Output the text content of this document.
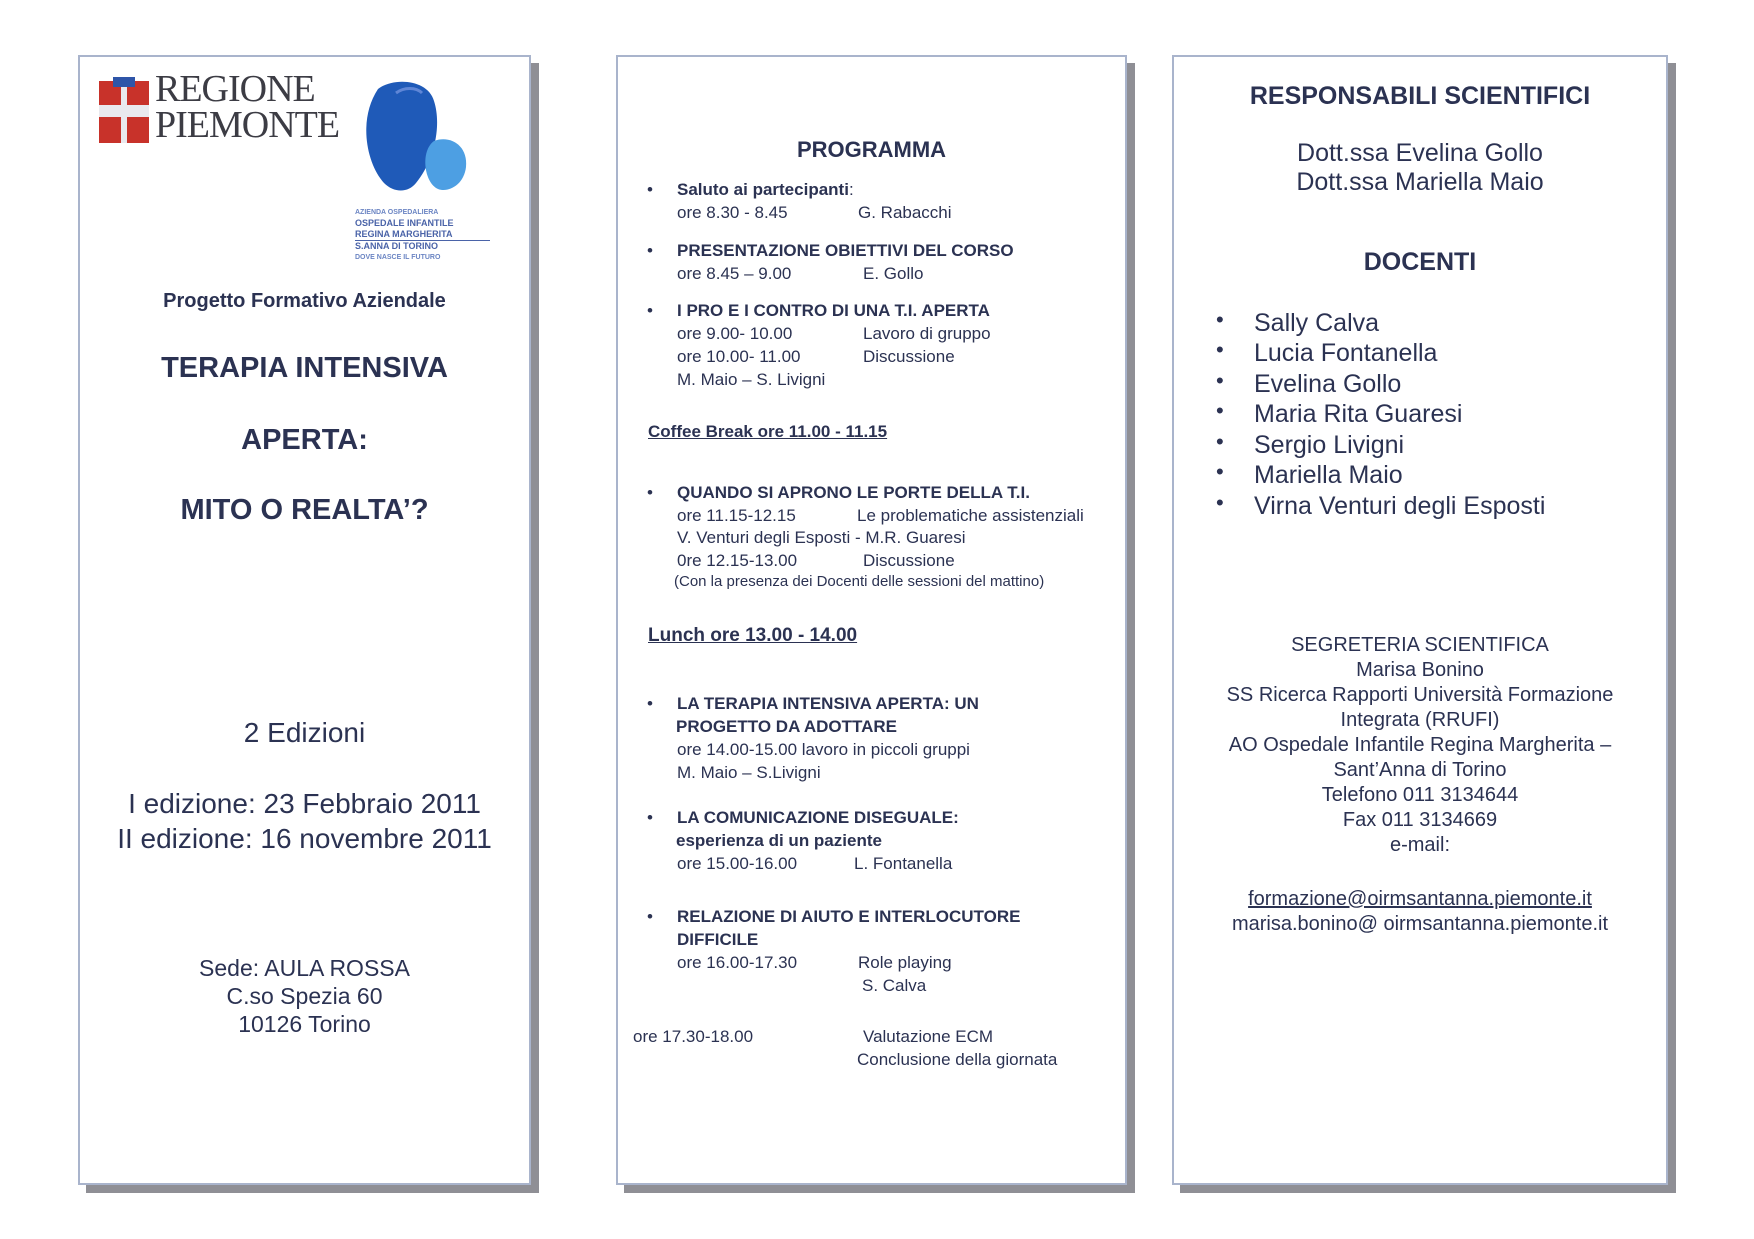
REGIONE
PIEMONTE
AZIENDA OSPEDALIERA
OSPEDALE INFANTILE
REGINA MARGHERITA
S.ANNA DI TORINO
DOVE NASCE IL FUTURO
Progetto Formativo Aziendale
TERAPIA INTENSIVA
APERTA:
MITO O REALTA’?
2 Edizioni
I edizione: 23 Febbraio 2011
II edizione: 16 novembre 2011
Sede: AULA ROSSA
C.so Spezia 60
10126 Torino
PROGRAMMA
• Saluto ai partecipanti:
ore 8.30 - 8.45	G. Rabacchi
• PRESENTAZIONE OBIETTIVI DEL CORSO
ore 8.45 – 9.00	E. Gollo
• I PRO E I CONTRO DI UNA T.I. APERTA
ore 9.00- 10.00	Lavoro di gruppo
ore 10.00- 11.00	Discussione
M. Maio – S. Livigni
Coffee Break ore 11.00 - 11.15
• QUANDO SI APRONO LE PORTE DELLA T.I.
ore 11.15-12.15	Le problematiche assistenziali
V. Venturi degli Esposti - M.R. Guaresi
0re 12.15-13.00	Discussione
(Con la presenza dei Docenti delle sessioni del mattino)
Lunch ore 13.00 - 14.00
• LA TERAPIA INTENSIVA APERTA: UN
PROGETTO DA ADOTTARE
ore 14.00-15.00 lavoro in piccoli gruppi
M. Maio – S.Livigni
• LA COMUNICAZIONE DISEGUALE:
esperienza di un paziente
ore 15.00-16.00	L. Fontanella
• RELAZIONE DI AIUTO E INTERLOCUTORE
DIFFICILE
ore 16.00-17.30	Role playing
S. Calva
ore 17.30-18.00	Valutazione ECM
Conclusione della giornata
RESPONSABILI SCIENTIFICI
Dott.ssa Evelina Gollo
Dott.ssa Mariella Maio
DOCENTI
• Sally Calva
• Lucia Fontanella
• Evelina Gollo
• Maria Rita Guaresi
• Sergio Livigni
• Mariella Maio
• Virna Venturi degli Esposti
SEGRETERIA SCIENTIFICA
Marisa Bonino
SS Ricerca Rapporti Università Formazione
Integrata (RRUFI)
AO Ospedale Infantile Regina Margherita –
Sant’Anna di Torino
Telefono 011 3134644
Fax 011 3134669
e-mail:
formazione@oirmsantanna.piemonte.it
marisa.bonino@ oirmsantanna.piemonte.it
